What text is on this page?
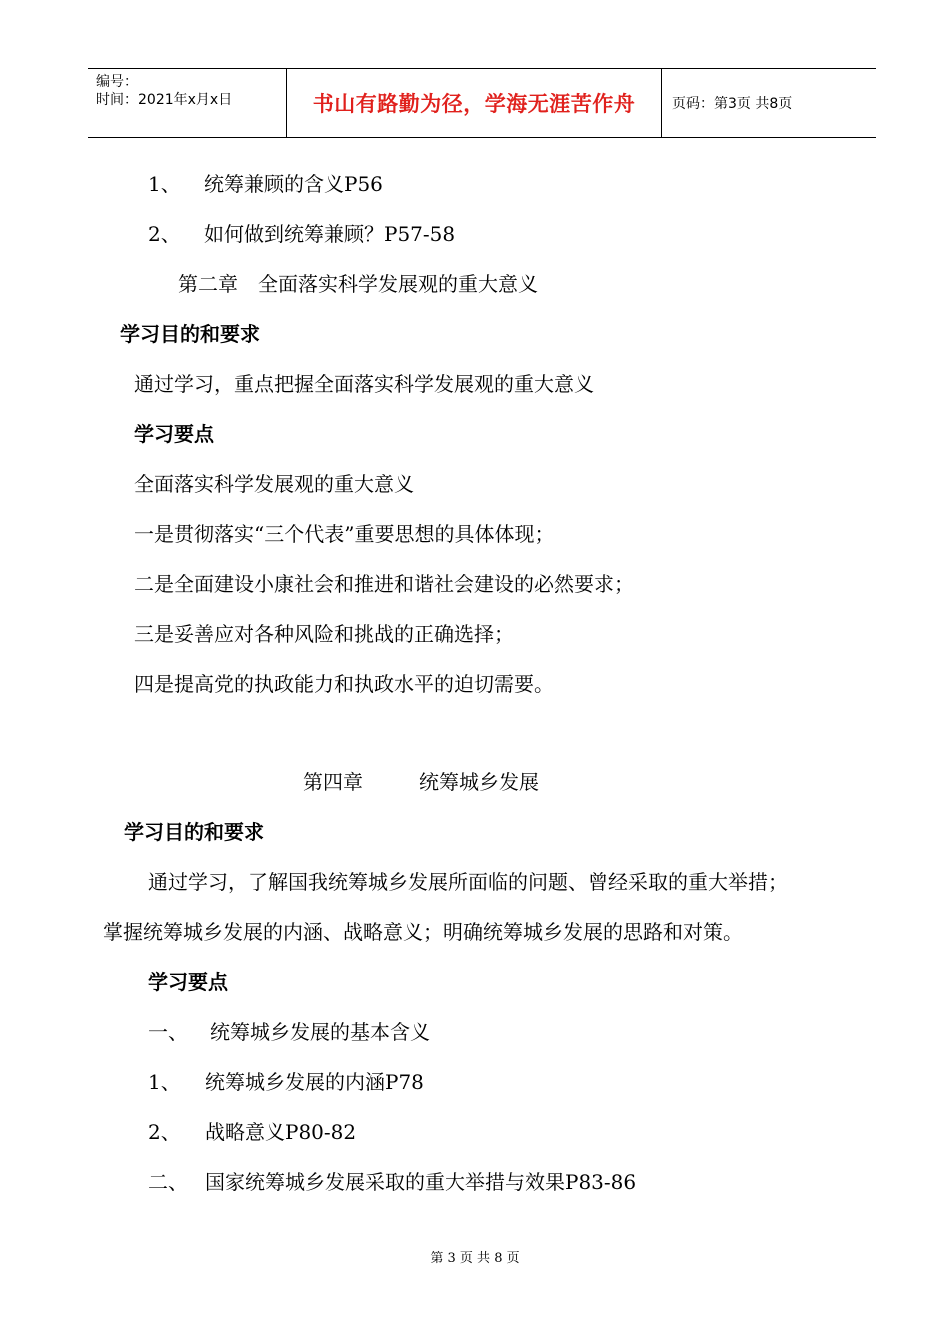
编号：
时间：2021年x月x日	书山有路勤为径，学海无涯苦作舟	页码：第3页 共8页
1、 统筹兼顾的含义P56
2、 如何做到统筹兼顾？P57-58
第二章　全面落实科学发展观的重大意义
学习目的和要求
通过学习，重点把握全面落实科学发展观的重大意义
学习要点
全面落实科学发展观的重大意义
一是贯彻落实“三个代表”重要思想的具体体现；
二是全面建设小康社会和推进和谐社会建设的必然要求；
三是妥善应对各种风险和挑战的正确选择；
四是提高党的执政能力和执政水平的迫切需要。
第四章	统筹城乡发展
学习目的和要求
通过学习，了解国我统筹城乡发展所面临的问题、曾经采取的重大举措；
掌握统筹城乡发展的内涵、战略意义；明确统筹城乡发展的思路和对策。
学习要点
一、 统筹城乡发展的基本含义
1、 统筹城乡发展的内涵P78
2、 战略意义P80-82
二、 国家统筹城乡发展采取的重大举措与效果P83-86
第 3 页 共 8 页
